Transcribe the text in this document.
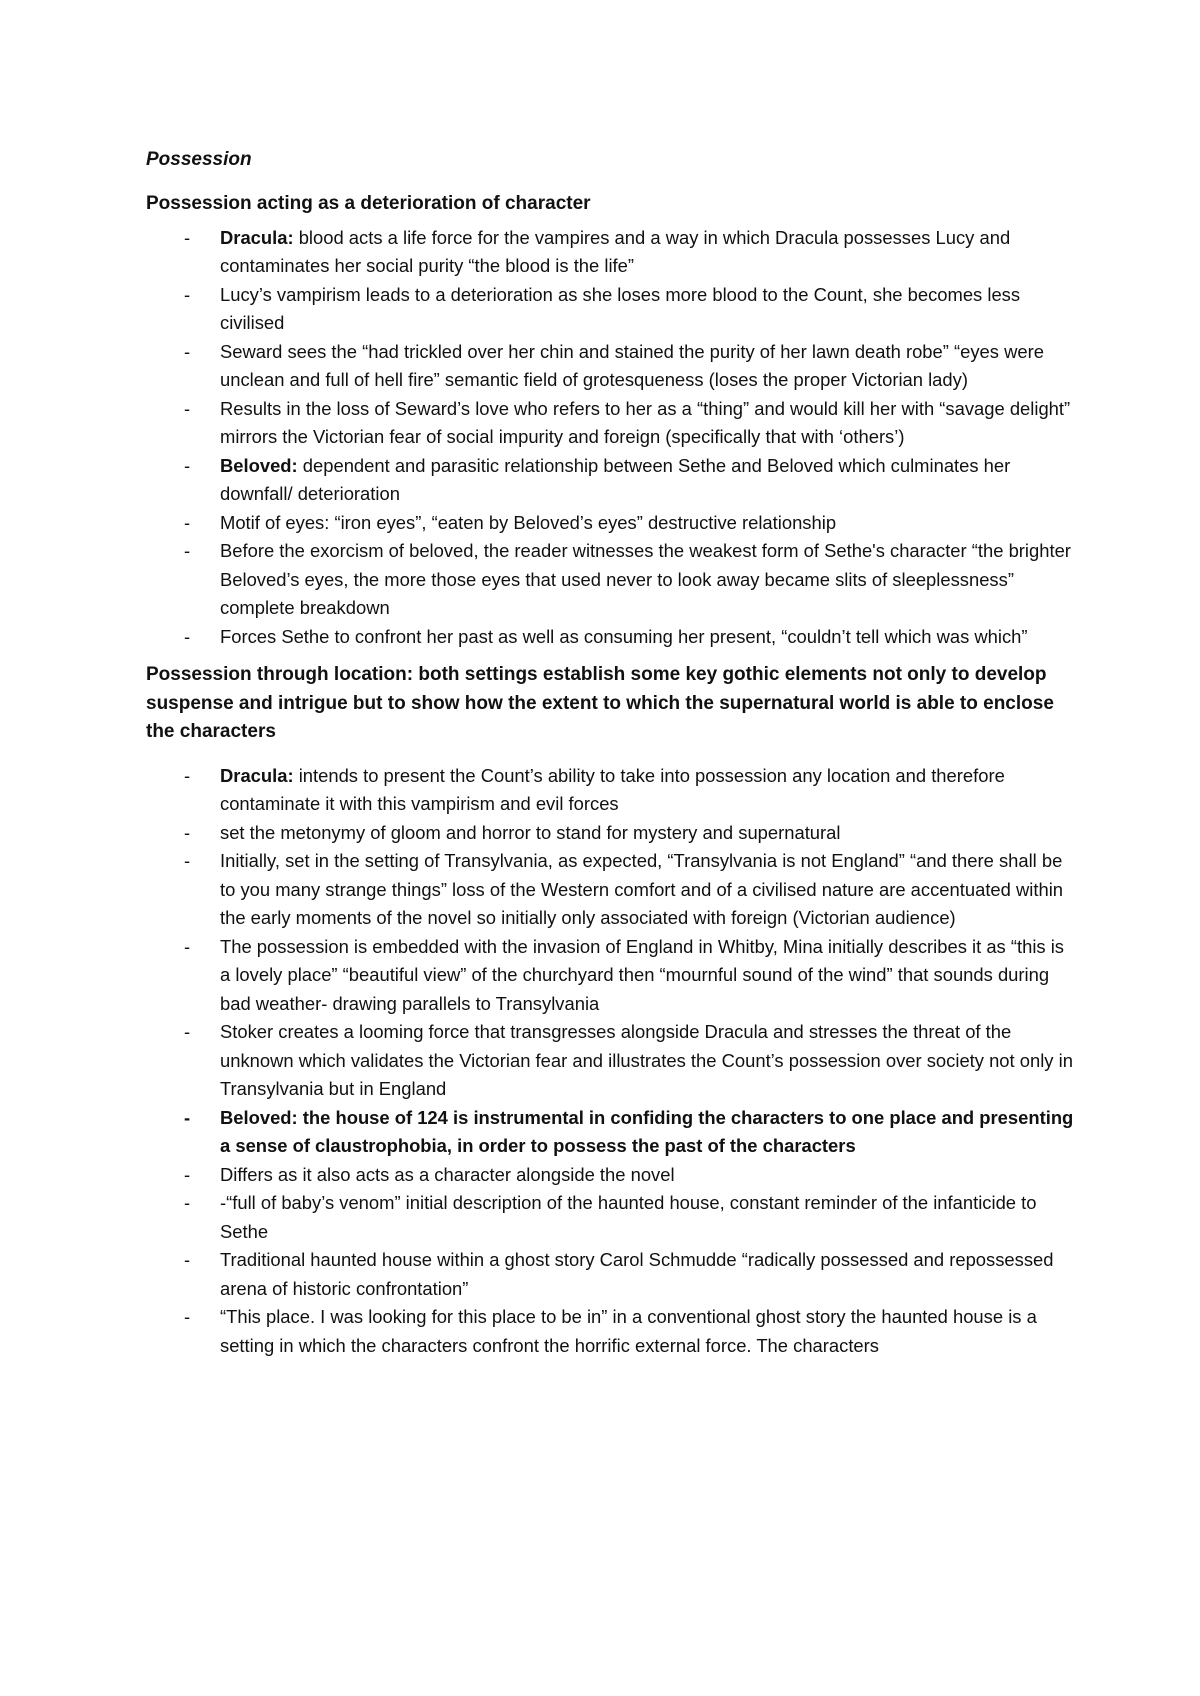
Possession

Possession acting as a deterioration of character

- Dracula: blood acts a life force for the vampires and a way in which Dracula possesses Lucy and contaminates her social purity “the blood is the life”
- Lucy’s vampirism leads to a deterioration as she loses more blood to the Count, she becomes less civilised
- Seward sees the “had trickled over her chin and stained the purity of her lawn death robe” “eyes were unclean and full of hell fire” semantic field of grotesqueness (loses the proper Victorian lady)
- Results in the loss of Seward’s love who refers to her as a “thing” and would kill her with “savage delight” mirrors the Victorian fear of social impurity and foreign (specifically that with ‘others’)
- Beloved: dependent and parasitic relationship between Sethe and Beloved which culminates her downfall/ deterioration
- Motif of eyes: “iron eyes”, “eaten by Beloved’s eyes” destructive relationship
- Before the exorcism of beloved, the reader witnesses the weakest form of Sethe's character “the brighter Beloved’s eyes, the more those eyes that used never to look away became slits of sleeplessness” complete breakdown
- Forces Sethe to confront her past as well as consuming her present, “couldn’t tell which was which”

Possession through location: both settings establish some key gothic elements not only to develop suspense and intrigue but to show how the extent to which the supernatural world is able to enclose the characters

- Dracula: intends to present the Count’s ability to take into possession any location and therefore contaminate it with this vampirism and evil forces
- set the metonymy of gloom and horror to stand for mystery and supernatural
- Initially, set in the setting of Transylvania, as expected, “Transylvania is not England” “and there shall be to you many strange things” loss of the Western comfort and of a civilised nature are accentuated within the early moments of the novel so initially only associated with foreign (Victorian audience)
- The possession is embedded with the invasion of England in Whitby, Mina initially describes it as “this is a lovely place” “beautiful view” of the churchyard then “mournful sound of the wind” that sounds during bad weather- drawing parallels to Transylvania
- Stoker creates a looming force that transgresses alongside Dracula and stresses the threat of the unknown which validates the Victorian fear and illustrates the Count’s possession over society not only in Transylvania but in England
- Beloved: the house of 124 is instrumental in confiding the characters to one place and presenting a sense of claustrophobia, in order to possess the past of the characters
- Differs as it also acts as a character alongside the novel
- -“full of baby’s venom” initial description of the haunted house, constant reminder of the infanticide to Sethe
- Traditional haunted house within a ghost story Carol Schmudde “radically possessed and repossessed arena of historic confrontation”
- “This place. I was looking for this place to be in” in a conventional ghost story the haunted house is a setting in which the characters confront the horrific external force. The characters
